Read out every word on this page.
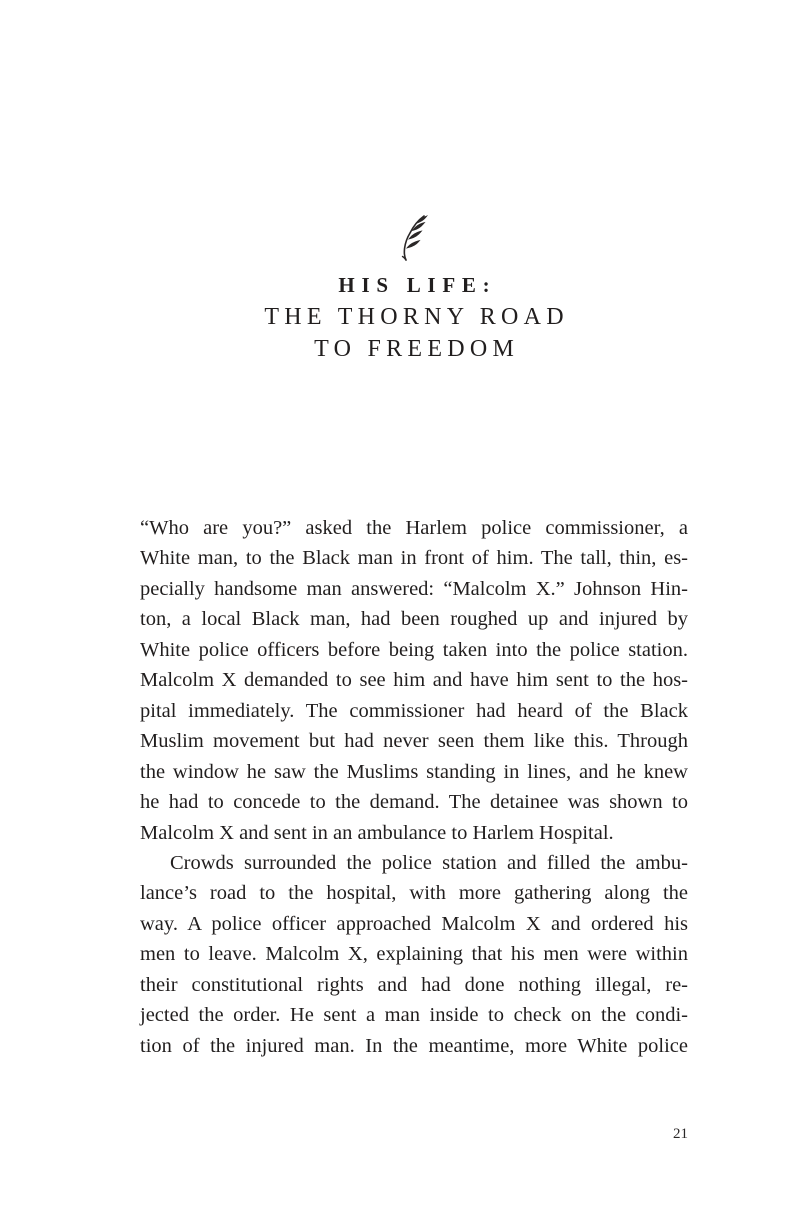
HIS LIFE:
THE THORNY ROAD
TO FREEDOM
“Who are you?” asked the Harlem police commissioner, a
White man, to the Black man in front of him. The tall, thin, es-
pecially handsome man answered: “Malcolm X.” Johnson Hin-
ton, a local Black man, had been roughed up and injured by
White police officers before being taken into the police station.
Malcolm X demanded to see him and have him sent to the hos-
pital immediately. The commissioner had heard of the Black
Muslim movement but had never seen them like this. Through
the window he saw the Muslims standing in lines, and he knew
he had to concede to the demand. The detainee was shown to
Malcolm X and sent in an ambulance to Harlem Hospital.
Crowds surrounded the police station and filled the ambu-
lance’s road to the hospital, with more gathering along the
way. A police officer approached Malcolm X and ordered his
men to leave. Malcolm X, explaining that his men were within
their constitutional rights and had done nothing illegal, re-
jected the order. He sent a man inside to check on the condi-
tion of the injured man. In the meantime, more White police
21
